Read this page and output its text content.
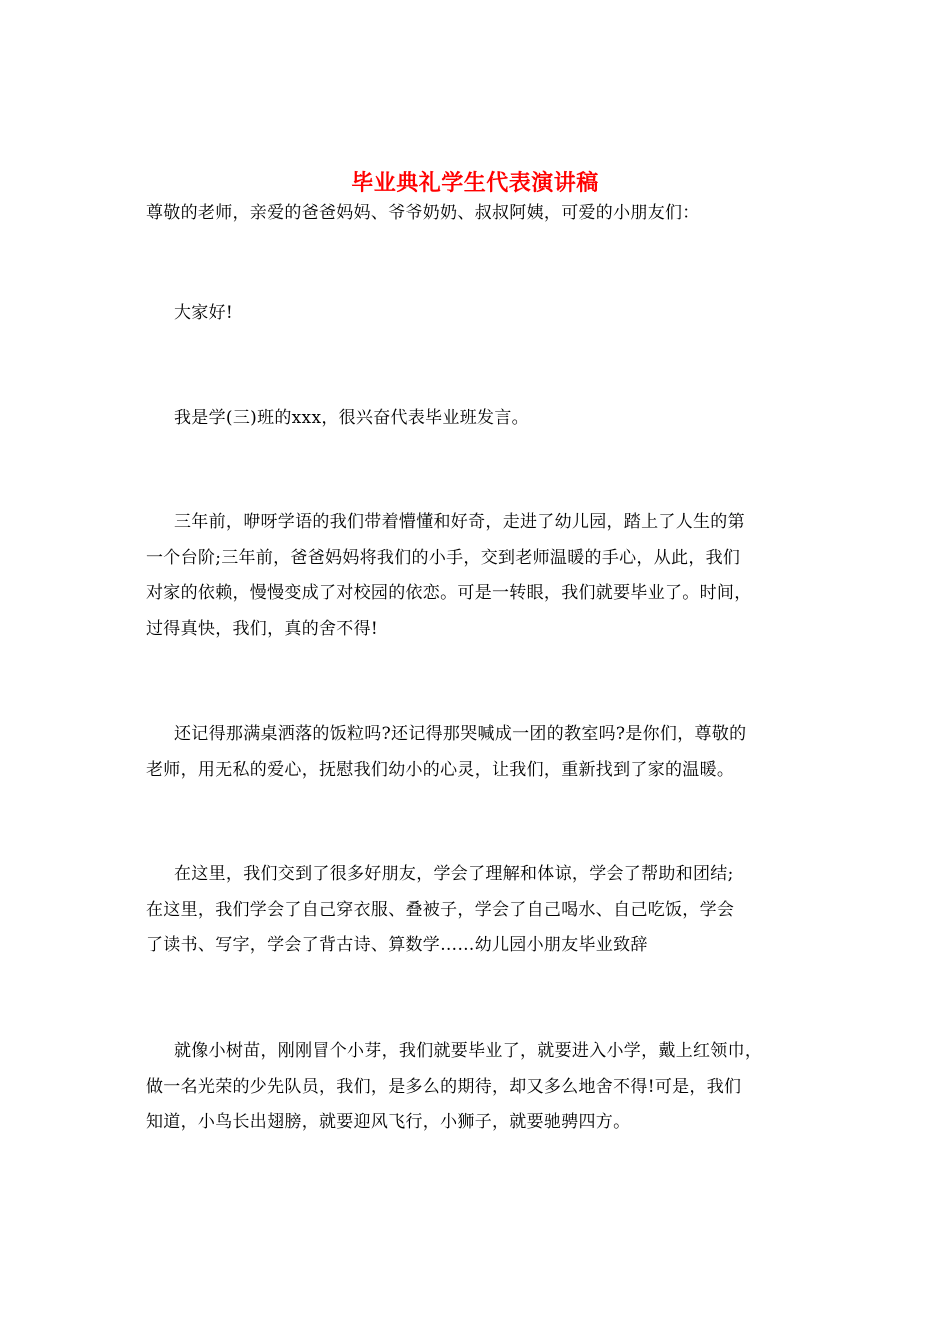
毕业典礼学生代表演讲稿

尊敬的老师，亲爱的爸爸妈妈、爷爷奶奶、叔叔阿姨，可爱的小朋友们：

大家好!

我是学(三)班的xxx，很兴奋代表毕业班发言。

三年前，咿呀学语的我们带着懵懂和好奇，走进了幼儿园，踏上了人生的第
一个台阶;三年前，爸爸妈妈将我们的小手，交到老师温暖的手心，从此，我们
对家的依赖，慢慢变成了对校园的依恋。可是一转眼，我们就要毕业了。时间，
过得真快，我们，真的舍不得!

还记得那满桌洒落的饭粒吗?还记得那哭喊成一团的教室吗?是你们，尊敬的
老师，用无私的爱心，抚慰我们幼小的心灵，让我们，重新找到了家的温暖。

在这里，我们交到了很多好朋友，学会了理解和体谅，学会了帮助和团结;
在这里，我们学会了自己穿衣服、叠被子，学会了自己喝水、自己吃饭，学会
了读书、写字，学会了背古诗、算数学……幼儿园小朋友毕业致辞

就像小树苗，刚刚冒个小芽，我们就要毕业了，就要进入小学，戴上红领巾，
做一名光荣的少先队员，我们，是多么的期待，却又多么地舍不得!可是，我们
知道，小鸟长出翅膀，就要迎风飞行，小狮子，就要驰骋四方。
